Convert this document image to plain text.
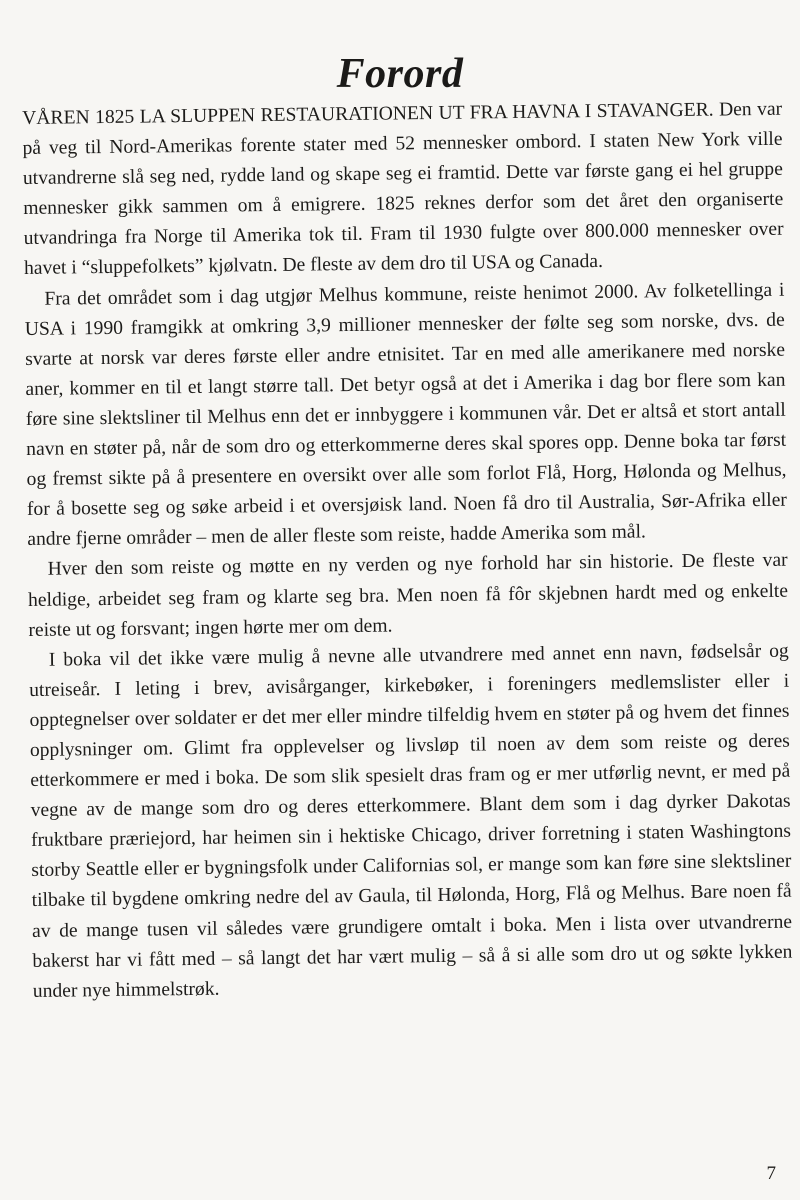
Forord

VÅREN 1825 LA SLUPPEN RESTAURATIONEN UT FRA HAVNA I STAVANGER. Den var på veg til Nord-Amerikas forente stater med 52 mennesker ombord. I staten New York ville utvandrerne slå seg ned, rydde land og skape seg ei framtid. Dette var første gang ei hel gruppe mennesker gikk sammen om å emigrere. 1825 reknes derfor som det året den organiserte utvandringa fra Norge til Amerika tok til. Fram til 1930 fulgte over 800.000 mennesker over havet i “sluppefolkets” kjølvatn. De fleste av dem dro til USA og Canada.

Fra det området som i dag utgjør Melhus kommune, reiste henimot 2000. Av folketellinga i USA i 1990 framgikk at omkring 3,9 millioner mennesker der følte seg som norske, dvs. de svarte at norsk var deres første eller andre etnisitet. Tar en med alle amerikanere med norske aner, kommer en til et langt større tall. Det betyr også at det i Amerika i dag bor flere som kan føre sine slektsliner til Melhus enn det er innbyggere i kommunen vår. Det er altså et stort antall navn en støter på, når de som dro og etterkommerne deres skal spores opp. Denne boka tar først og fremst sikte på å presentere en oversikt over alle som forlot Flå, Horg, Hølonda og Melhus, for å bosette seg og søke arbeid i et oversjøisk land. Noen få dro til Australia, Sør-Afrika eller andre fjerne områder – men de aller fleste som reiste, hadde Amerika som mål.

Hver den som reiste og møtte en ny verden og nye forhold har sin historie. De fleste var heldige, arbeidet seg fram og klarte seg bra. Men noen få fôr skjebnen hardt med og enkelte reiste ut og forsvant; ingen hørte mer om dem.

I boka vil det ikke være mulig å nevne alle utvandrere med annet enn navn, fødselsår og utreiseår. I leting i brev, avisårganger, kirkebøker, i foreningers medlemslister eller i opptegnelser over soldater er det mer eller mindre tilfeldig hvem en støter på og hvem det finnes opplysninger om. Glimt fra opplevelser og livsløp til noen av dem som reiste og deres etterkommere er med i boka. De som slik spesielt dras fram og er mer utførlig nevnt, er med på vegne av de mange som dro og deres etterkommere. Blant dem som i dag dyrker Dakotas fruktbare præriejord, har heimen sin i hektiske Chicago, driver forretning i staten Washingtons storby Seattle eller er bygningsfolk under Californias sol, er mange som kan føre sine slektsliner tilbake til bygdene omkring nedre del av Gaula, til Hølonda, Horg, Flå og Melhus. Bare noen få av de mange tusen vil således være grundigere omtalt i boka. Men i lista over utvandrerne bakerst har vi fått med – så langt det har vært mulig – så å si alle som dro ut og søkte lykken under nye himmelstrøk.

7
